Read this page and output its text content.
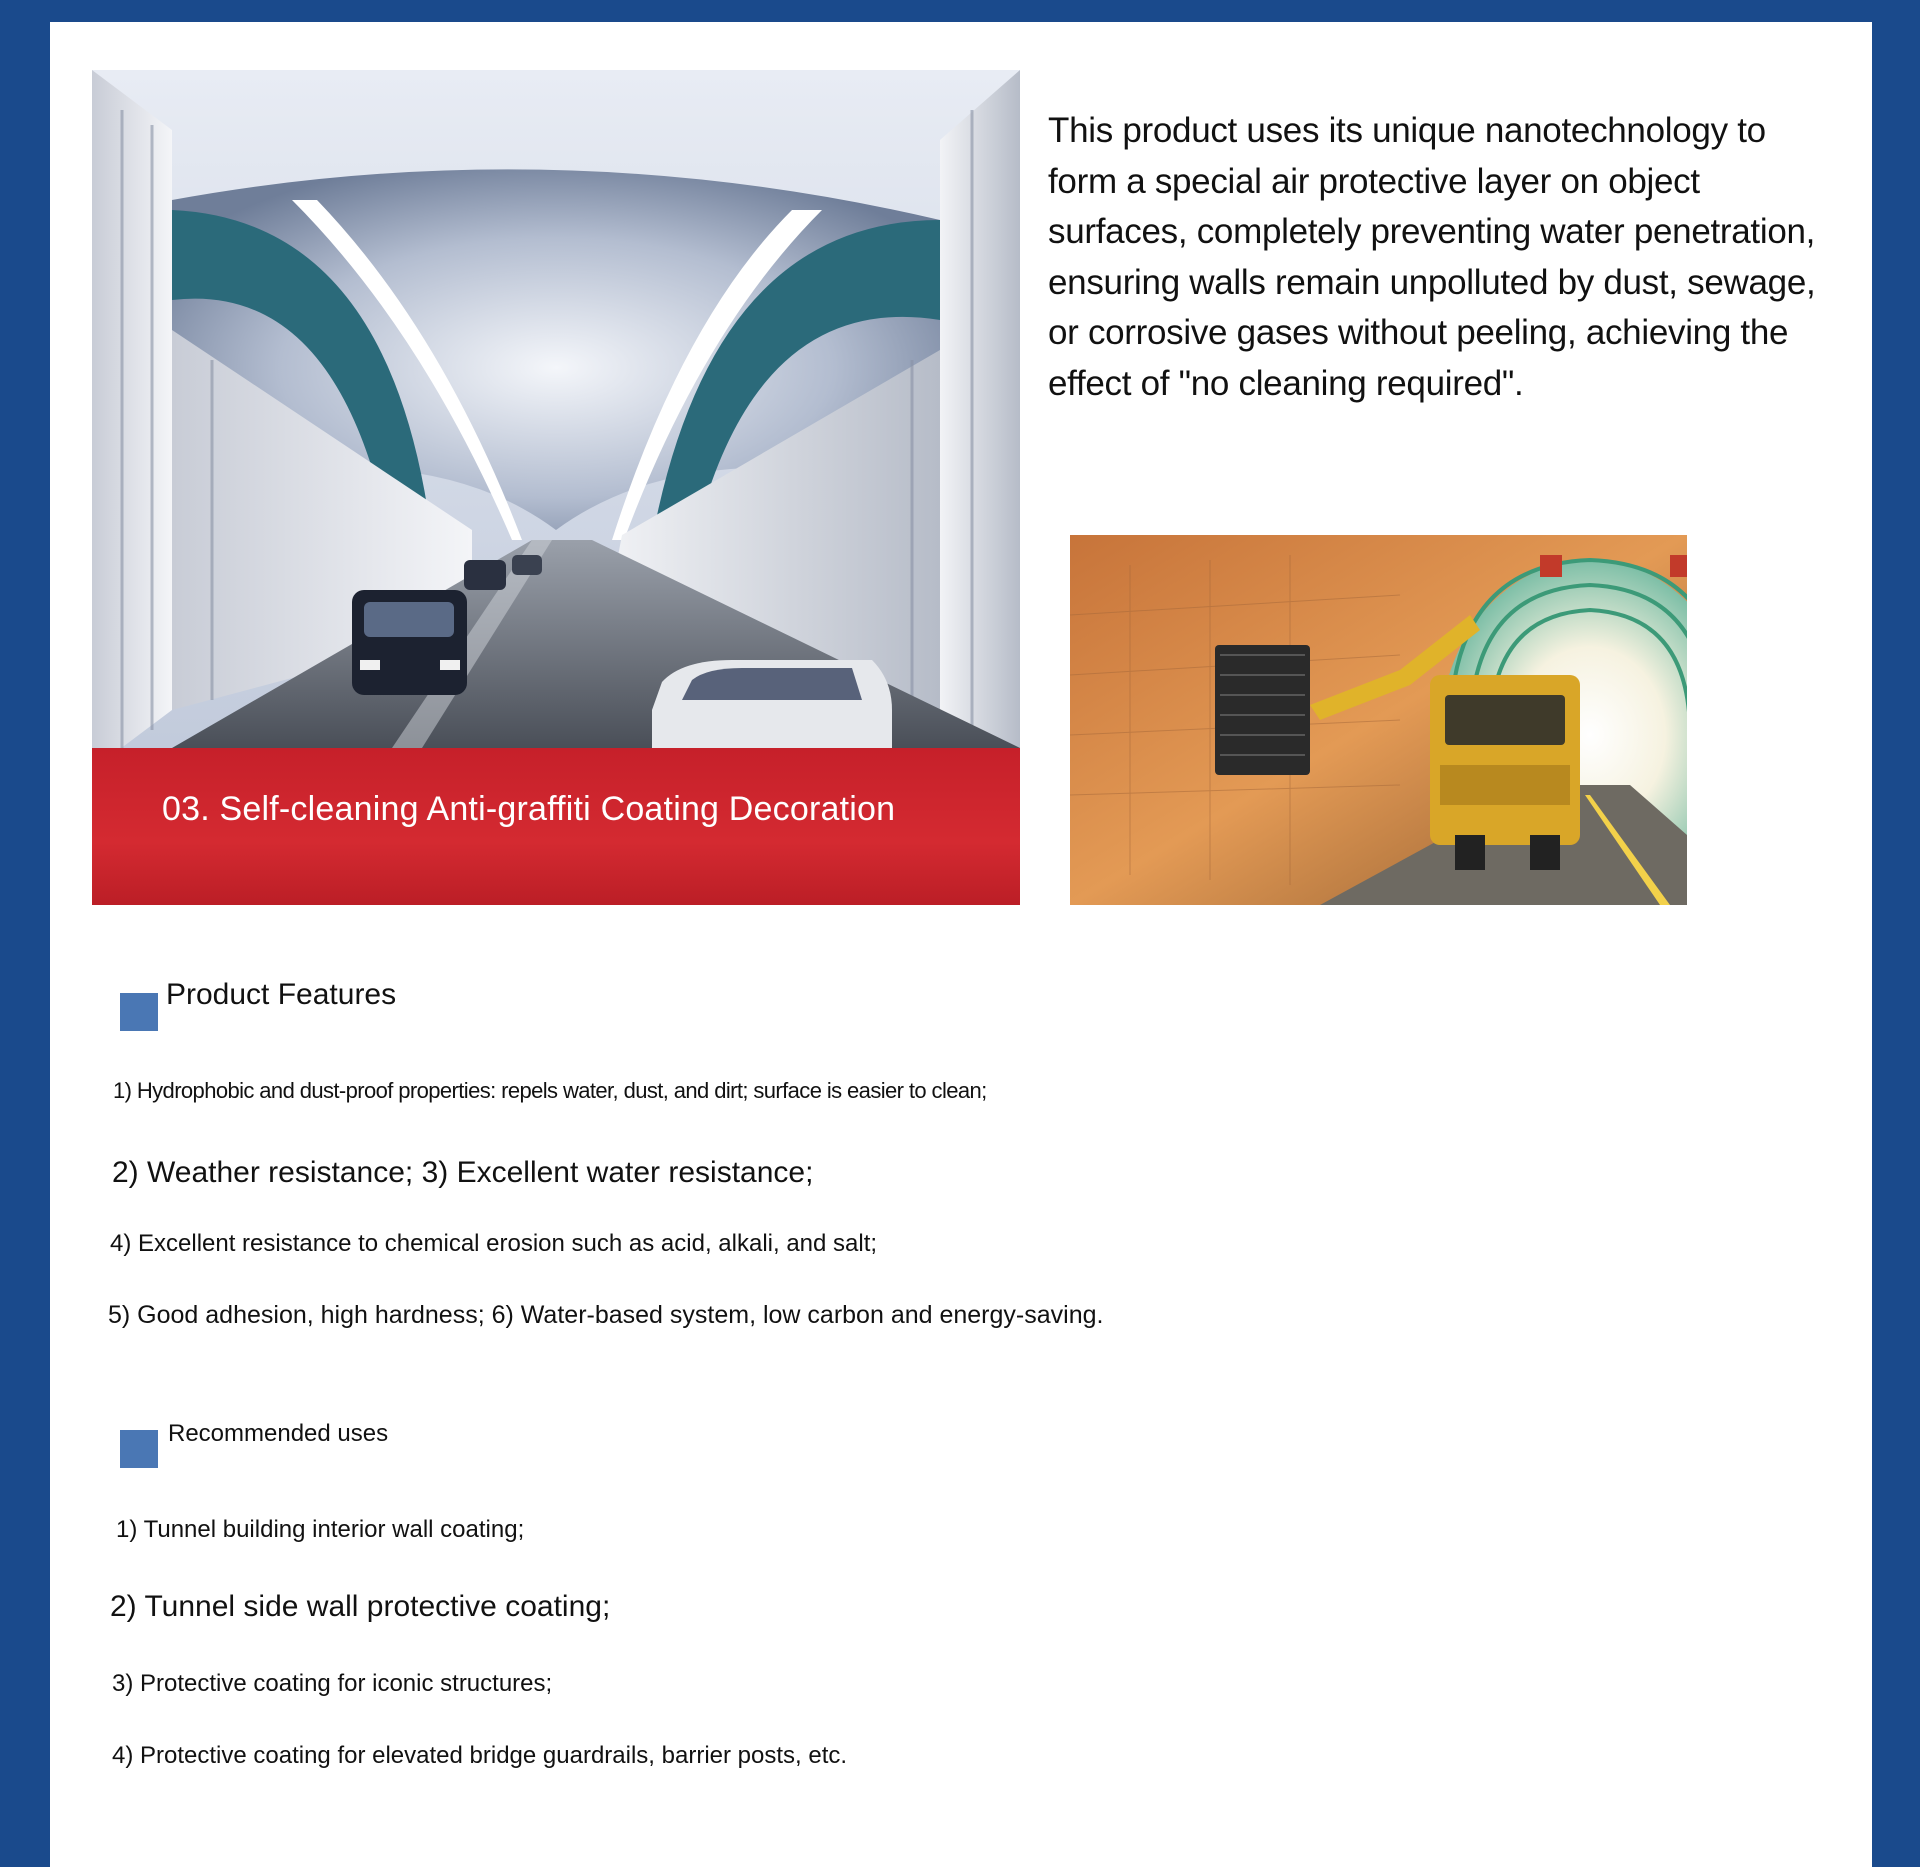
03. Self-cleaning Anti-graffiti Coating Decoration
This product uses its unique nanotechnology to form a special air protective layer on object surfaces, completely preventing water penetration, ensuring walls remain unpolluted by dust, sewage, or corrosive gases without peeling, achieving the effect of "no cleaning required".
Product Features
1) Hydrophobic and dust-proof properties: repels water, dust, and dirt; surface is easier to clean;
2) Weather resistance; 3) Excellent water resistance;
4) Excellent resistance to chemical erosion such as acid, alkali, and salt;
5) Good adhesion, high hardness; 6) Water-based system, low carbon and energy-saving.
Recommended uses
1) Tunnel building interior wall coating;
2) Tunnel side wall protective coating;
3) Protective coating for iconic structures;
4) Protective coating for elevated bridge guardrails, barrier posts, etc.
